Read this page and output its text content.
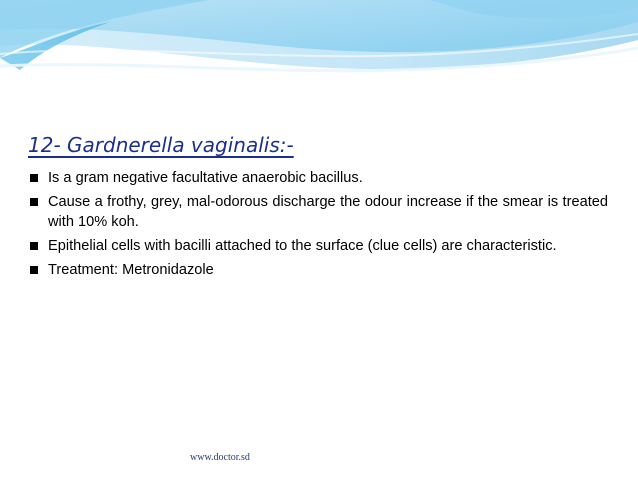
12- Gardnerella vaginalis:-
Is a gram negative facultative anaerobic bacillus.
Cause a frothy, grey, mal-odorous discharge the odour increase if the smear is treated with 10% koh.
Epithelial cells with bacilli attached to the surface (clue cells) are characteristic.
Treatment: Metronidazole
www.doctor.sd
